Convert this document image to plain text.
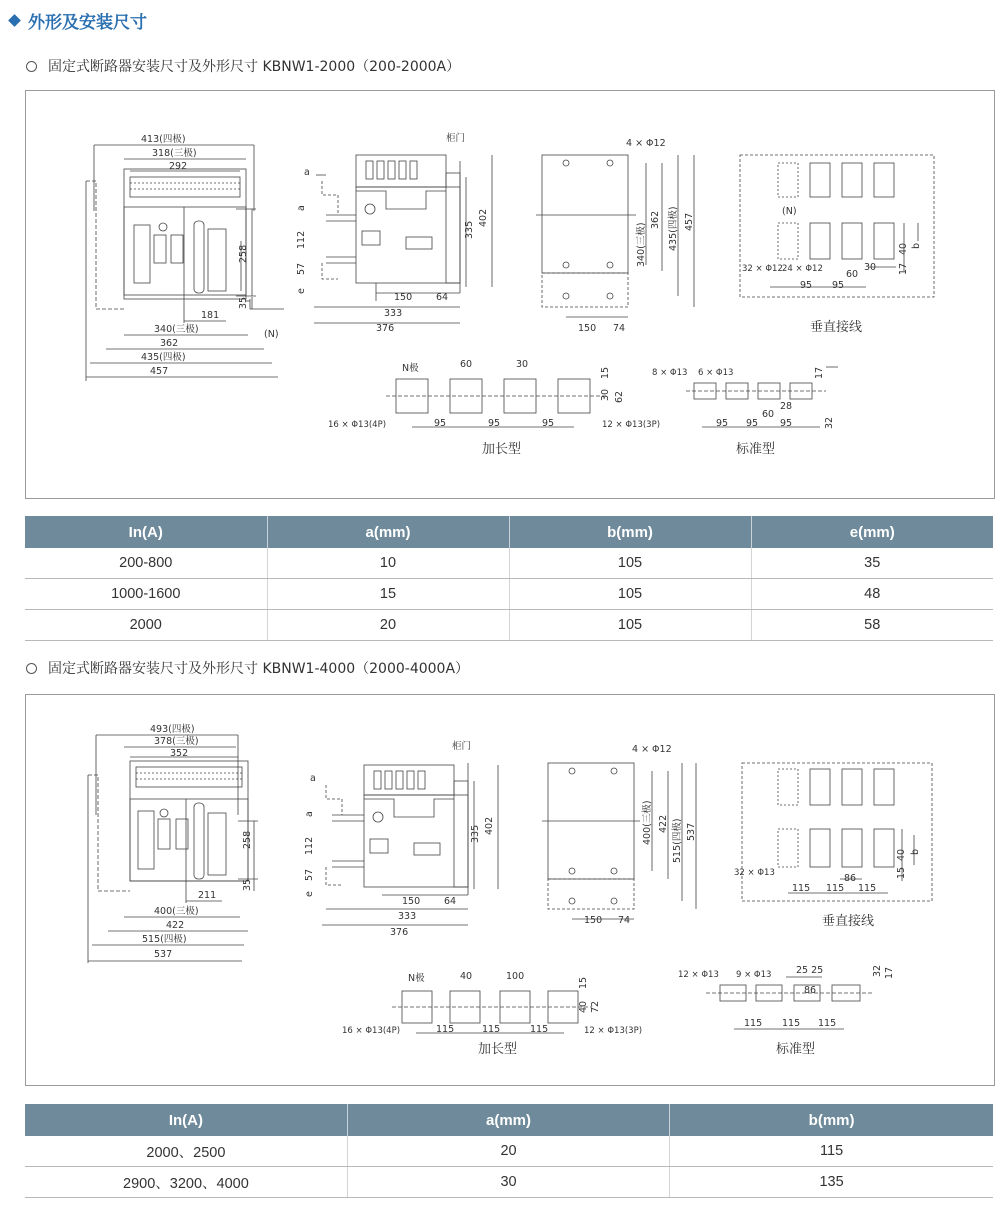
外形及安装尺寸
固定式断路器安装尺寸及外形尺寸 KBNW1-2000（200-2000A）
413(四极)
318(三极)
292
258
35
181
340(三极)
362
435(四极)
457
(N)
柜门
a
a
112
57
e
335
402
150	64
333
376
4 × Φ12
340(三极)
362 435(四极) 457
150 74
(N)
32 × Φ12 24 × Φ12
95 95
60
30
40
17
b
垂直接线
N极	60	30
15
30 62
16 × Φ13(4P)	12 × Φ13(3P)
95	95	95
加长型
8 × Φ13 6 × Φ13	17
28
60
95 95 95	32
标准型
In(A)	a(mm)	b(mm)	e(mm)
200-800	10	105	35
1000-1600	15	105	48
2000	20	105	58
固定式断路器安装尺寸及外形尺寸 KBNW1-4000（2000-4000A）
493(四极)
378(三极)
352
258
35
211
400(三极)
422
515(四极)
537
柜门
a
a
112
57
e
335 402
150	64
333
376
4 × Φ12
400(三极) 422 515(四极) 537
150 74
32 × Φ13
115 115 115
86	15
40 b
垂直接线
N极	40	100
15
40 72
16 × Φ13(4P)	12 × Φ13(3P)
115	115	115
加长型
12 × Φ13 9 × Φ13	25 25
86
17
32
115 115 115
标准型
In(A)	a(mm)	b(mm)
2000、2500	20	115
2900、3200、4000	30	135
